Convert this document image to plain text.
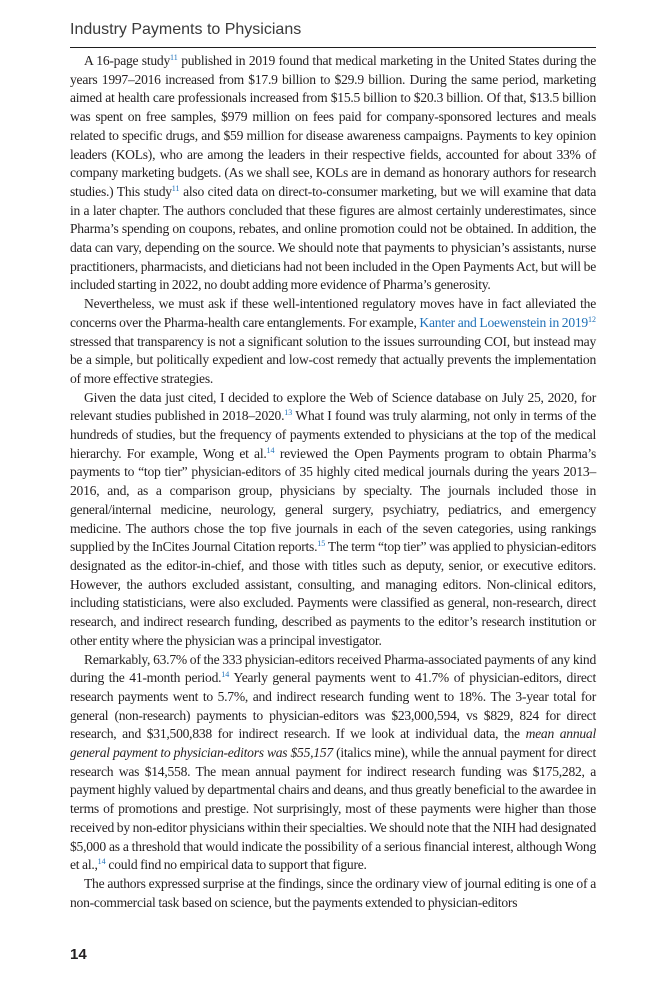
Industry Payments to Physicians

A 16-page study$^{11}$ published in 2019 found that medical marketing in the United States during the years 1997–2016 increased from $17.9 billion to $29.9 billion. During the same period, marketing aimed at health care professionals increased from $15.5 billion to $20.3 billion. Of that, $13.5 billion was spent on free samples, $979 million on fees paid for company-sponsored lectures and meals related to specific drugs, and $59 million for disease awareness campaigns. Payments to key opinion leaders (KOLs), who are among the leaders in their respective fields, accounted for about 33% of company marketing budgets. (As we shall see, KOLs are in demand as honorary authors for research studies.) This study$^{11}$ also cited data on direct-to-consumer marketing, but we will examine that data in a later chapter. The authors concluded that these figures are almost certainly underestimates, since Pharma’s spending on coupons, rebates, and online promotion could not be obtained. In addition, the data can vary, depending on the source. We should note that payments to physician’s assistants, nurse practitioners, pharmacists, and dieticians had not been included in the Open Payments Act, but will be included starting in 2022, no doubt adding more evidence of Pharma’s generosity.

Nevertheless, we must ask if these well-intentioned regulatory moves have in fact alleviated the concerns over the Pharma-health care entanglements. For example, Kanter and Loewenstein in 2019$^{12}$ stressed that transparency is not a significant solution to the issues surrounding COI, but instead may be a simple, but politically expedient and low-cost remedy that actually prevents the implementation of more effective strategies.

Given the data just cited, I decided to explore the Web of Science database on July 25, 2020, for relevant studies published in 2018–2020.13 What I found was truly alarming, not only in terms of the hundreds of studies, but the frequency of payments extended to physicians at the top of the medical hierarchy. For example, Wong et al.$^{14}$ reviewed the Open Payments program to obtain Pharma’s payments to “top tier” physician-editors of 35 highly cited medical journals during the years 2013–2016, and, as a comparison group, physicians by specialty. The journals included those in general/internal medicine, neurology, general surgery, psychiatry, pediatrics, and emergency medicine. The authors chose the top five journals in each of the seven categories, using rankings supplied by the InCites Journal Citation reports.$^{15}$ The term “top tier” was applied to physician-editors designated as the editor-in-chief, and those with titles such as deputy, senior, or executive editors. However, the authors excluded assistant, consulting, and managing editors. Non-clinical editors, including statisticians, were also excluded. Payments were classified as general, non-research, direct research, and indirect research funding, described as payments to the editor’s research institution or other entity where the physician was a principal investigator.

Remarkably, 63.7% of the 333 physician-editors received Pharma-associated payments of any kind during the 41-month period.$^{14}$ Yearly general payments went to 41.7% of physician-editors, direct research payments went to 5.7%, and indirect research funding went to 18%. The 3-year total for general (non-research) payments to physician-editors was $23,000,594, vs $829, 824 for direct research, and $31,500,838 for indirect research. If we look at individual data, the mean annual general payment to physician-editors was $55,157 (italics mine), while the annual payment for direct research was $14,558. The mean annual payment for indirect research funding was $175,282, a payment highly valued by departmental chairs and deans, and thus greatly beneficial to the awardee in terms of promotions and prestige. Not surprisingly, most of these payments were higher than those received by non-editor physicians within their specialties. We should note that the NIH had designated $5,000 as a threshold that would indicate the possibility of a serious financial interest, although Wong et al.,$^{14}$ could find no empirical data to support that figure.

The authors expressed surprise at the findings, since the ordinary view of journal editing is one of a non-commercial task based on science, but the payments extended to physician-editors

14
